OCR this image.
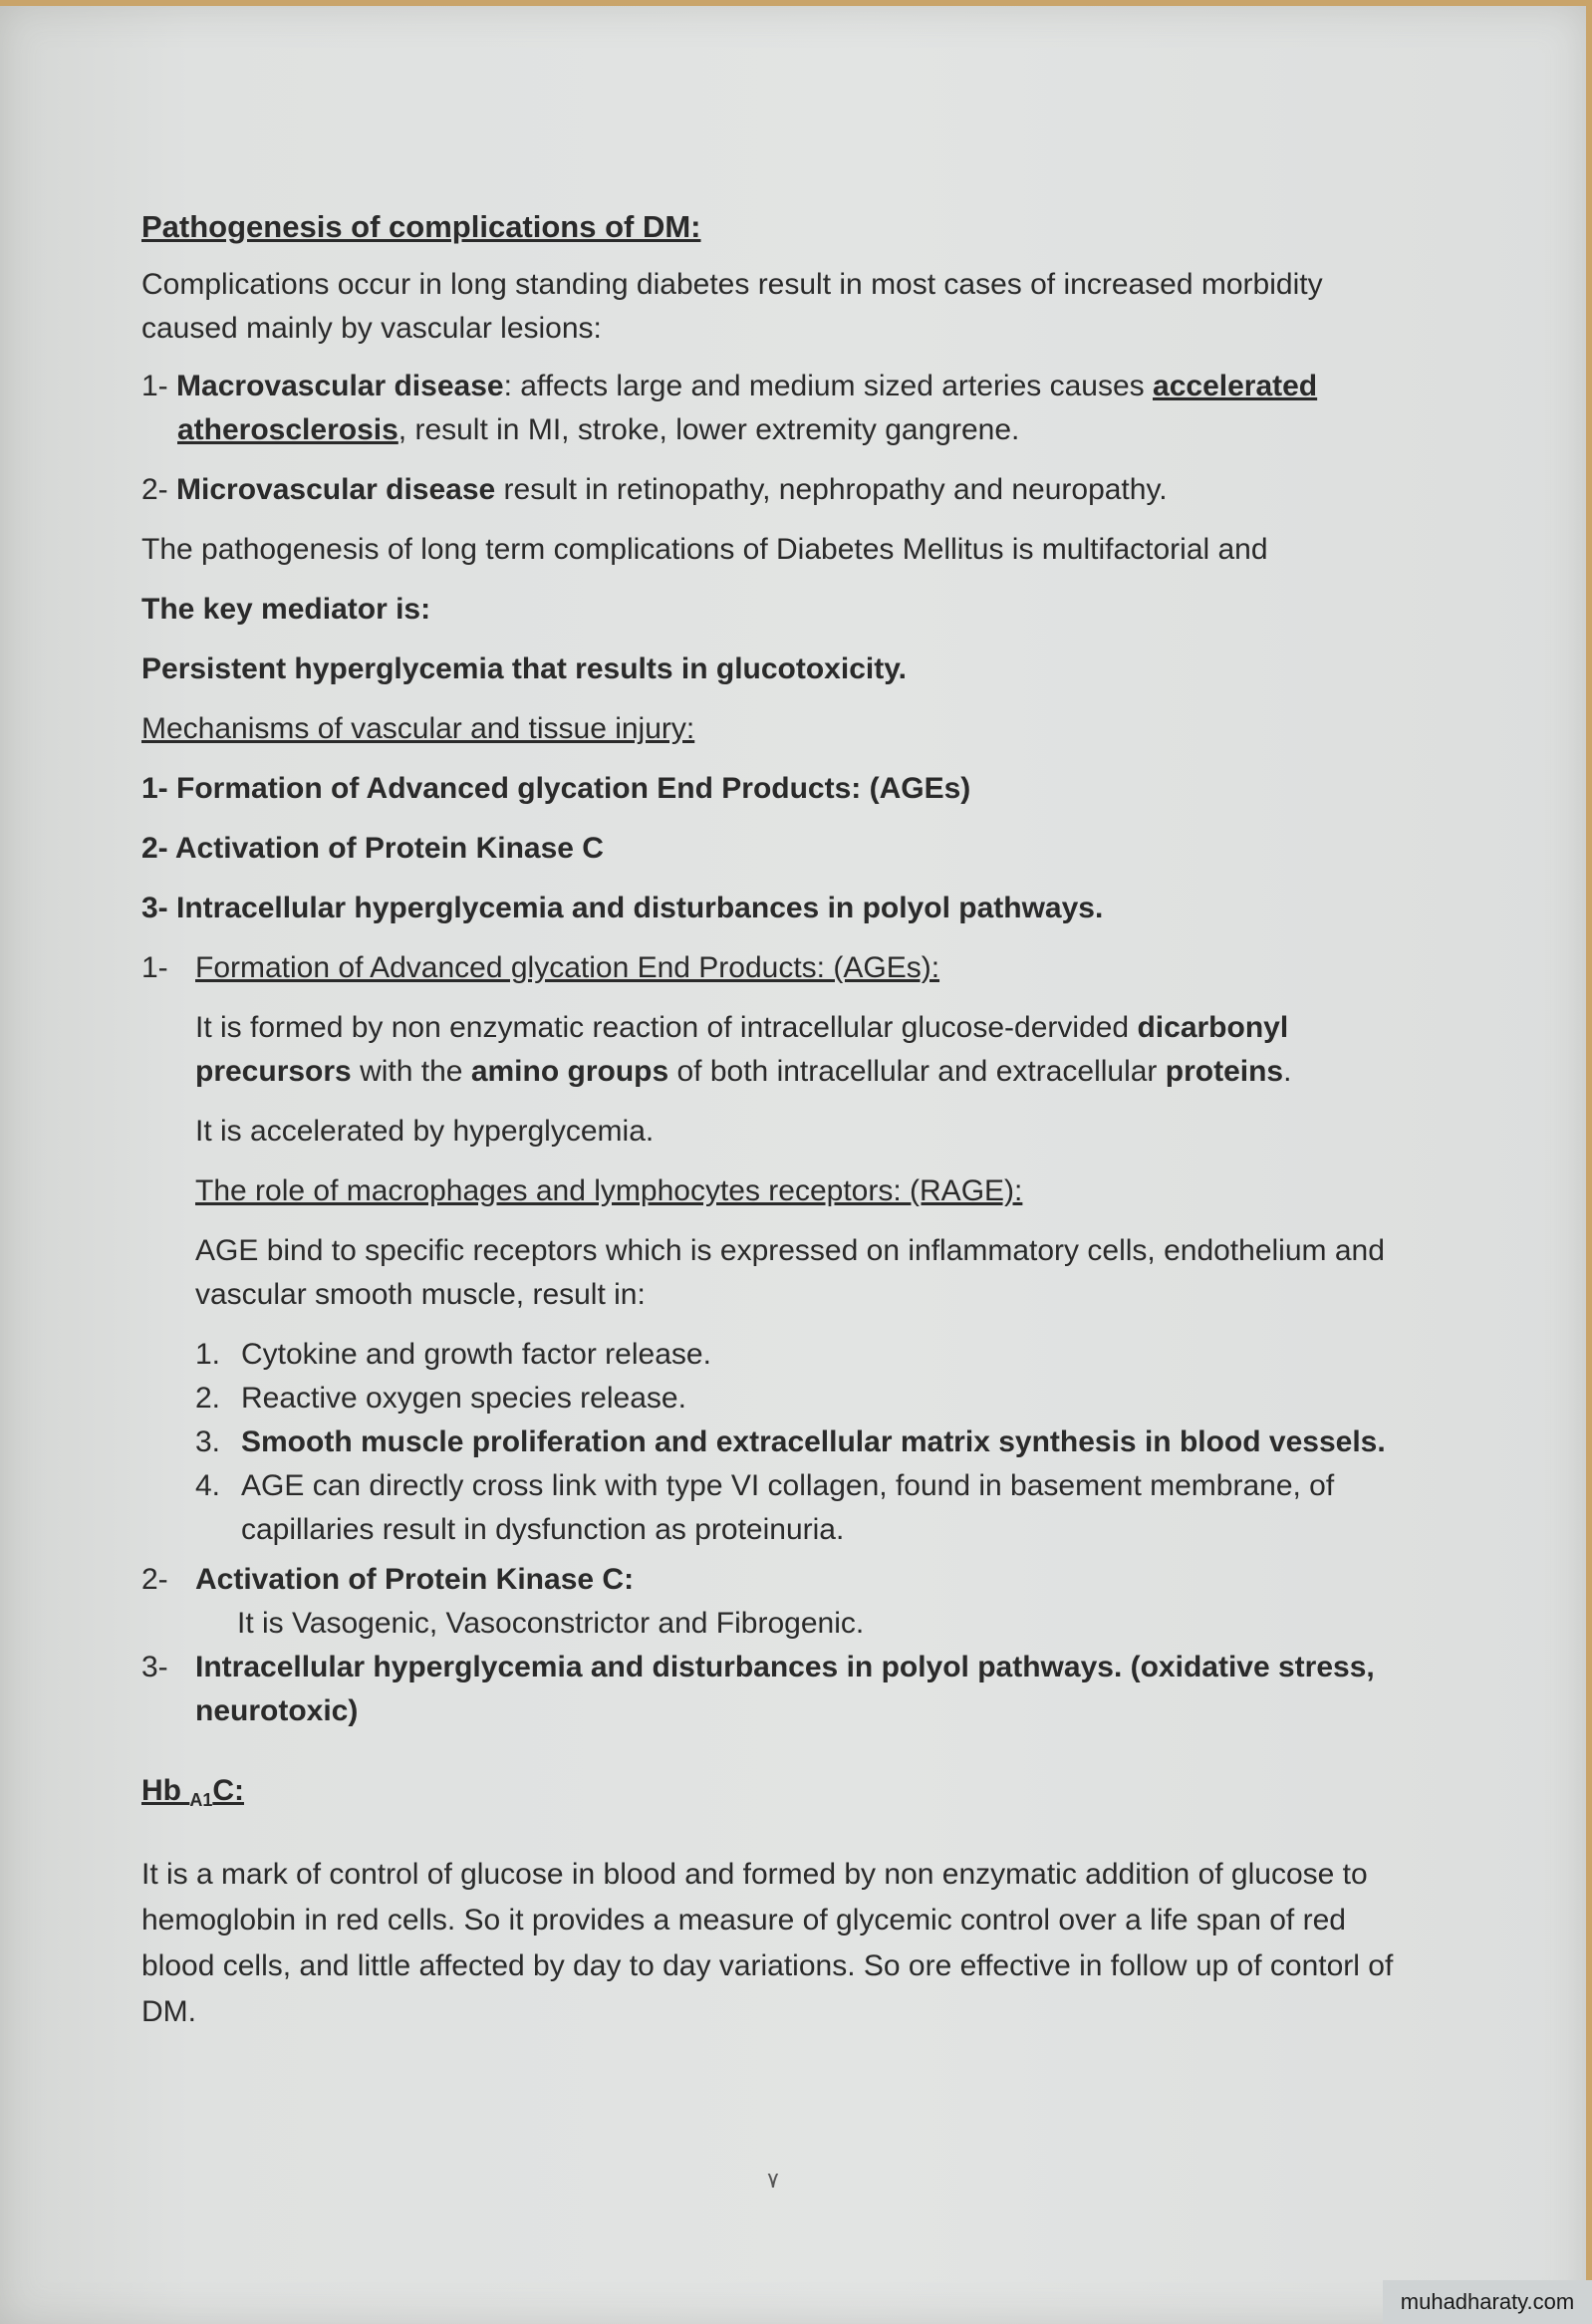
Pathogenesis of complications of DM:

Complications occur in long standing diabetes result in most cases of increased morbidity caused mainly by vascular lesions:

1- Macrovascular disease: affects large and medium sized arteries causes accelerated atherosclerosis, result in MI, stroke, lower extremity gangrene.

2- Microvascular disease result in retinopathy, nephropathy and neuropathy.

The pathogenesis of long term complications of Diabetes Mellitus is multifactorial and

The key mediator is:

Persistent hyperglycemia that results in glucotoxicity.

Mechanisms of vascular and tissue injury:

1- Formation of Advanced glycation End Products: (AGEs)

2- Activation of Protein Kinase C

3- Intracellular hyperglycemia and disturbances in polyol pathways.

1- Formation of Advanced glycation End Products: (AGEs):

It is formed by non enzymatic reaction of intracellular glucose-dervided dicarbonyl precursors with the amino groups of both intracellular and extracellular proteins.

It is accelerated by hyperglycemia.

The role of macrophages and lymphocytes receptors: (RAGE):

AGE bind to specific receptors which is expressed on inflammatory cells, endothelium and vascular smooth muscle, result in:

1. Cytokine and growth factor release.
2. Reactive oxygen species release.
3. Smooth muscle proliferation and extracellular matrix synthesis in blood vessels.
4. AGE can directly cross link with type VI collagen, found in basement membrane, of capillaries result in dysfunction as proteinuria.
2- Activation of Protein Kinase C:

It is Vasogenic, Vasoconstrictor and Fibrogenic.

3- Intracellular hyperglycemia and disturbances in polyol pathways. (oxidative stress, neurotoxic)

Hb $_{A1}$C:

It is a mark of control of glucose in blood and formed by non enzymatic addition of glucose to hemoglobin in red cells. So it provides a measure of glycemic control over a life span of red blood cells, and little affected by day to day variations. So ore effective in follow up of contorl of DM.

٧
muhadharaty.com
